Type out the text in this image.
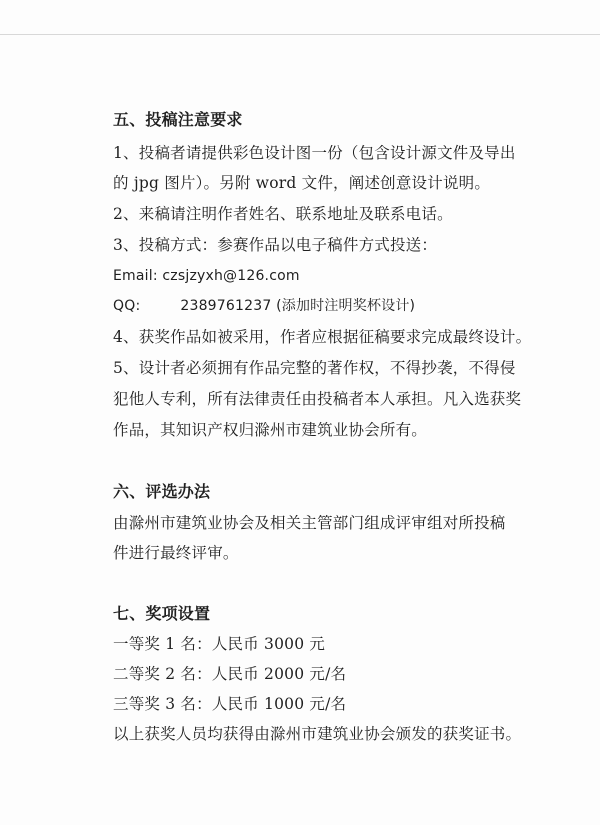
五、投稿注意要求
1、投稿者请提供彩色设计图一份（包含设计源文件及导出
的 jpg 图片）。另附 word 文件，阐述创意设计说明。
2、来稿请注明作者姓名、联系地址及联系电话。
3、投稿方式：参赛作品以电子稿件方式投送：
Email: czsjzyxh@126.com
QQ:	2389761237 (添加时注明奖杯设计)
4、获奖作品如被采用，作者应根据征稿要求完成最终设计。
5、设计者必须拥有作品完整的著作权，不得抄袭，不得侵
犯他人专利，所有法律责任由投稿者本人承担。凡入选获奖
作品，其知识产权归滁州市建筑业协会所有。
六、评选办法
由滁州市建筑业协会及相关主管部门组成评审组对所投稿
件进行最终评审。
七、奖项设置
一等奖 1 名：人民币 3000 元
二等奖 2 名：人民币 2000 元/名
三等奖 3 名：人民币 1000 元/名
以上获奖人员均获得由滁州市建筑业协会颁发的获奖证书。
